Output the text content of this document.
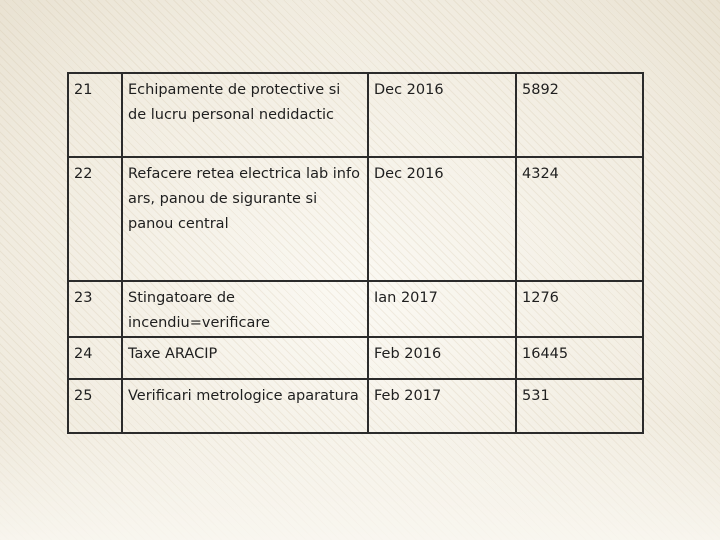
21	Echipamente de protective si de lucru personal nedidactic	Dec 2016	5892
22	Refacere retea electrica lab info ars, panou de sigurante si panou central	Dec 2016	4324
23	Stingatoare de incendiu=verificare	Ian 2017	1276
24	Taxe ARACIP	Feb 2016	16445
25	Verificari metrologice aparatura	Feb 2017	531
